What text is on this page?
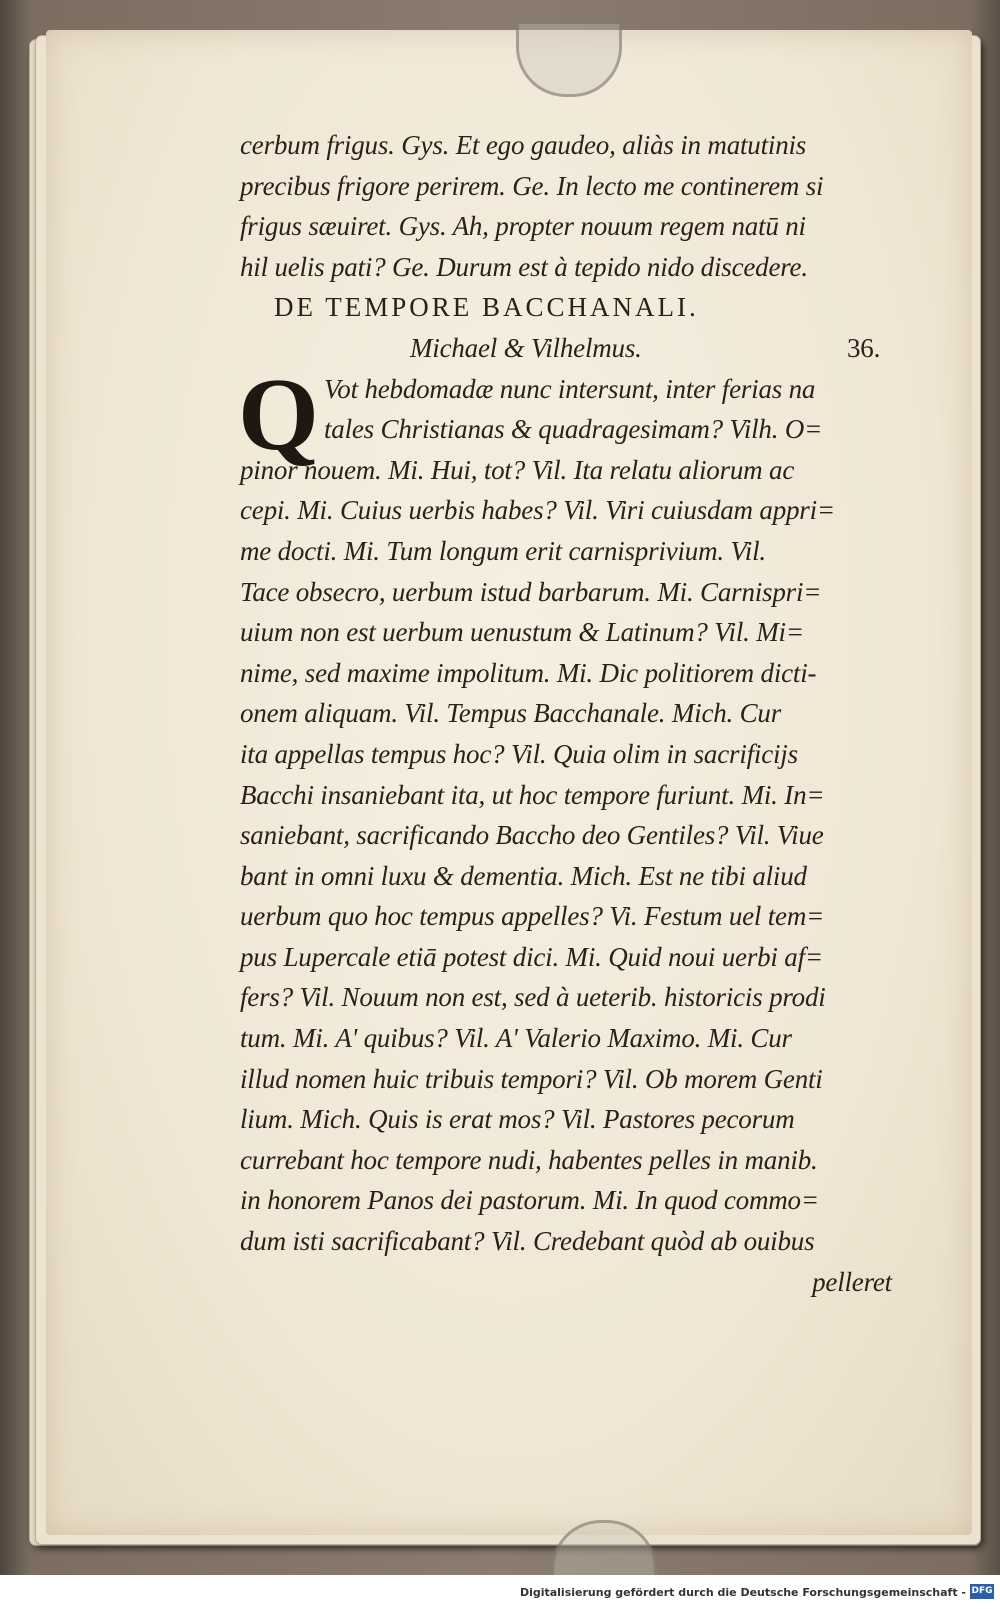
cerbum frigus. Gys. Et ego gaudeo, aliàs in matutinis
precibus frigore perirem. Ge. In lecto me continerem si
frigus sæuiret. Gys. Ah, propter nouum regem natū ni
hil uelis pati? Ge. Durum est à tepido nido discedere.
DE TEMPORE BACCHANALI.
Michael & Vilhelmus.	36.
Q Vot hebdomadæ nunc intersunt, inter ferias na
tales Christianas & quadragesimam? Vilh. O=
pinor nouem. Mi. Hui, tot? Vil. Ita relatu aliorum ac
cepi. Mi. Cuius uerbis habes? Vil. Viri cuiusdam appri=
me docti. Mi. Tum longum erit carnisprivium. Vil.
Tace obsecro, uerbum istud barbarum. Mi. Carnispri=
uium non est uerbum uenustum & Latinum? Vil. Mi=
nime, sed maxime impolitum. Mi. Dic politiorem dicti-
onem aliquam. Vil. Tempus Bacchanale. Mich. Cur
ita appellas tempus hoc? Vil. Quia olim in sacrificijs
Bacchi insaniebant ita, ut hoc tempore furiunt. Mi. In=
saniebant, sacrificando Baccho deo Gentiles? Vil. Viue
bant in omni luxu & dementia. Mich. Est ne tibi aliud
uerbum quo hoc tempus appelles? Vi. Festum uel tem=
pus Lupercale etiā potest dici. Mi. Quid noui uerbi af=
fers? Vil. Nouum non est, sed à ueterib. historicis prodi
tum. Mi. A' quibus? Vil. A' Valerio Maximo. Mi. Cur
illud nomen huic tribuis tempori? Vil. Ob morem Genti
lium. Mich. Quis is erat mos? Vil. Pastores pecorum
currebant hoc tempore nudi, habentes pelles in manib.
in honorem Panos dei pastorum. Mi. In quod commo=
dum isti sacrificabant? Vil. Credebant quòd ab ouibus
pelleret
Digitalisierung gefördert durch die Deutsche Forschungsgemeinschaft - DFG
